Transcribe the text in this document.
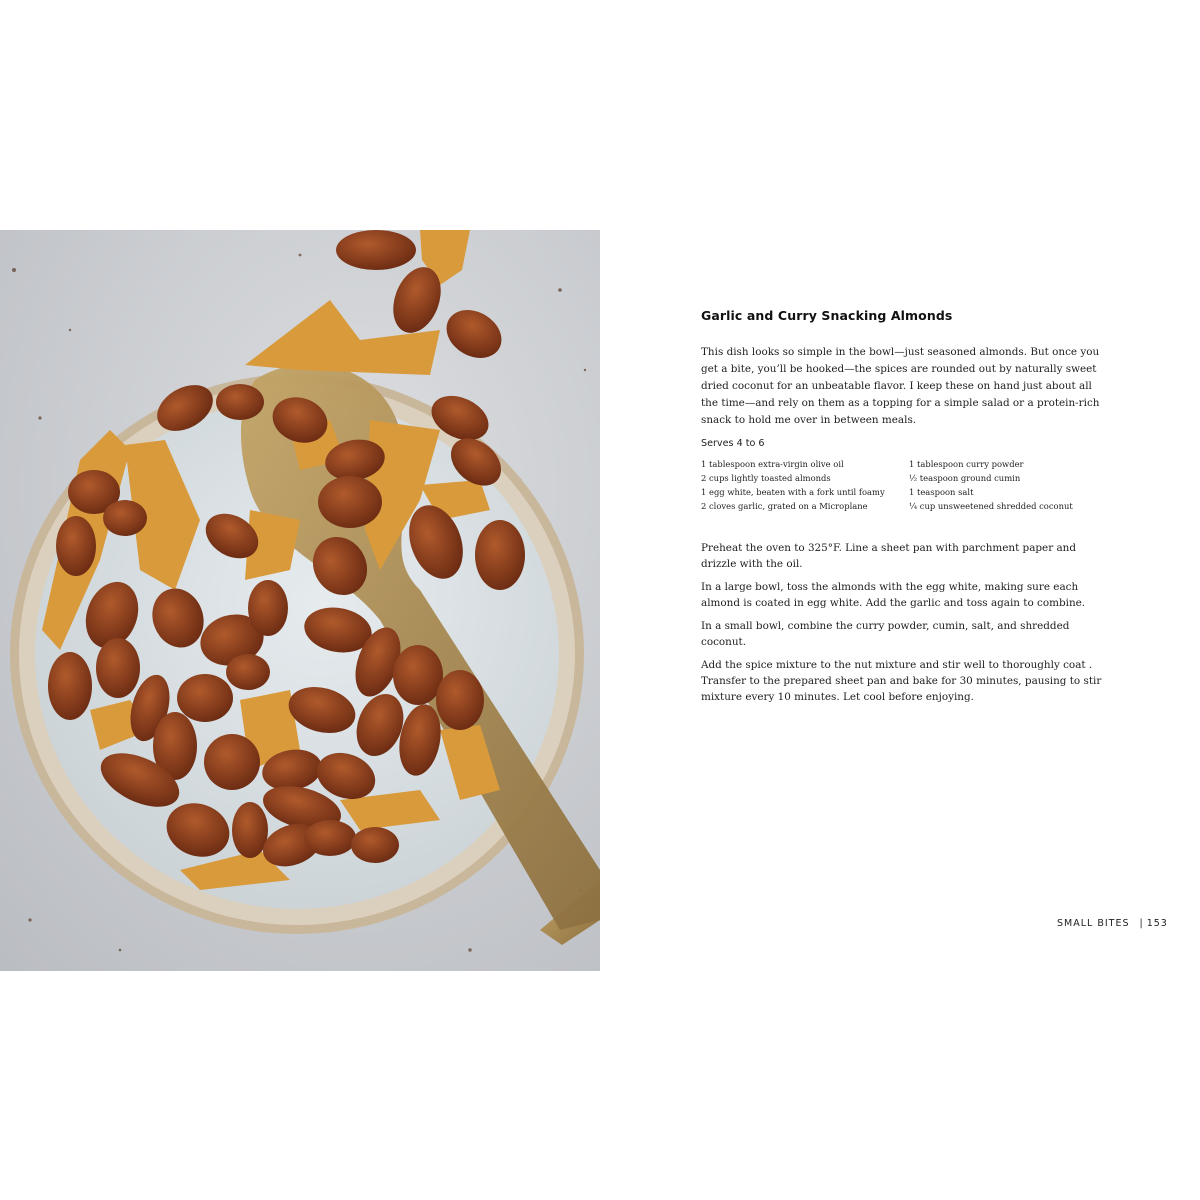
Garlic and Curry Snacking Almonds

This dish looks so simple in the bowl—just seasoned almonds. But once you get a bite, you’ll be hooked—the spices are rounded out by naturally sweet dried coconut for an unbeatable flavor. I keep these on hand just about all the time—and rely on them as a topping for a simple salad or a protein-rich snack to hold me over in between meals.

Serves 4 to 6
1 tablespoon extra-virgin olive oil
2 cups lightly toasted almonds
1 egg white, beaten with a fork until foamy
2 cloves garlic, grated on a Microplane
1 tablespoon curry powder
½ teaspoon ground cumin
1 teaspoon salt
¼ cup unsweetened shredded coconut

Preheat the oven to 325°F. Line a sheet pan with parchment paper and drizzle with the oil.

In a large bowl, toss the almonds with the egg white, making sure each almond is coated in egg white. Add the garlic and toss again to combine.

In a small bowl, combine the curry powder, cumin, salt, and shredded coconut.

Add the spice mixture to the nut mixture and stir well to thoroughly coat . Transfer to the prepared sheet pan and bake for 30 minutes, pausing to stir mixture every 10 minutes. Let cool before enjoying.

SMALL BITES | 153
